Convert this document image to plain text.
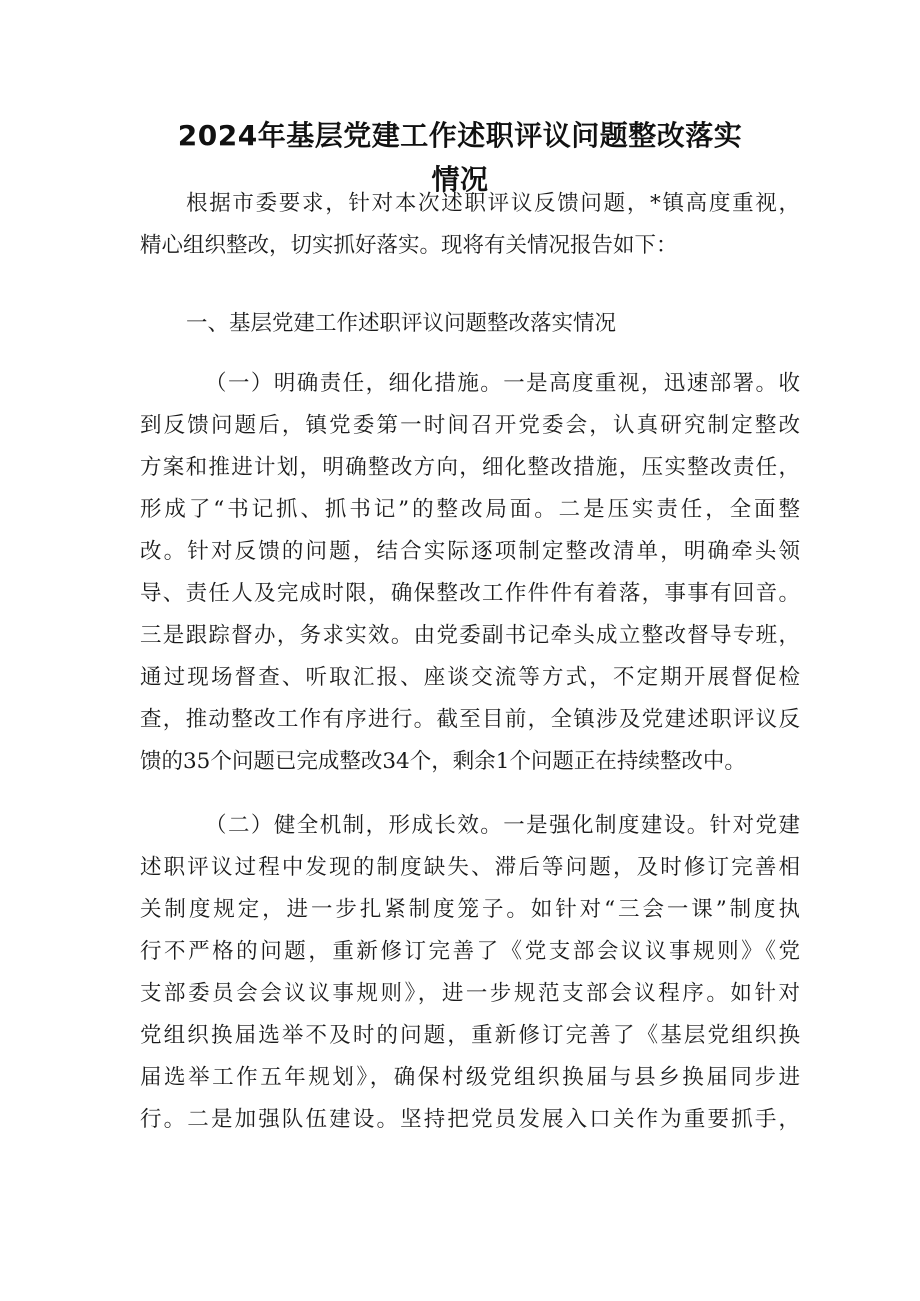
2024年基层党建工作述职评议问题整改落实
情况
根据市委要求，针对本次述职评议反馈问题，*镇高度重视，
精心组织整改，切实抓好落实。现将有关情况报告如下：
一、基层党建工作述职评议问题整改落实情况
（一）明确责任，细化措施。一是高度重视，迅速部署。收
到反馈问题后，镇党委第一时间召开党委会，认真研究制定整改
方案和推进计划，明确整改方向，细化整改措施，压实整改责任，
形成了“书记抓、抓书记”的整改局面。二是压实责任，全面整
改。针对反馈的问题，结合实际逐项制定整改清单，明确牵头领
导、责任人及完成时限，确保整改工作件件有着落，事事有回音。
三是跟踪督办，务求实效。由党委副书记牵头成立整改督导专班，
通过现场督查、听取汇报、座谈交流等方式，不定期开展督促检
查，推动整改工作有序进行。截至目前，全镇涉及党建述职评议反
馈的35个问题已完成整改34个，剩余1个问题正在持续整改中。
（二）健全机制，形成长效。一是强化制度建设。针对党建
述职评议过程中发现的制度缺失、滞后等问题，及时修订完善相
关制度规定，进一步扎紧制度笼子。如针对“三会一课”制度执
行不严格的问题，重新修订完善了《党支部会议议事规则》《党
支部委员会会议议事规则》，进一步规范支部会议程序。如针对
党组织换届选举不及时的问题，重新修订完善了《基层党组织换
届选举工作五年规划》，确保村级党组织换届与县乡换届同步进
行。二是加强队伍建设。坚持把党员发展入口关作为重要抓手，
